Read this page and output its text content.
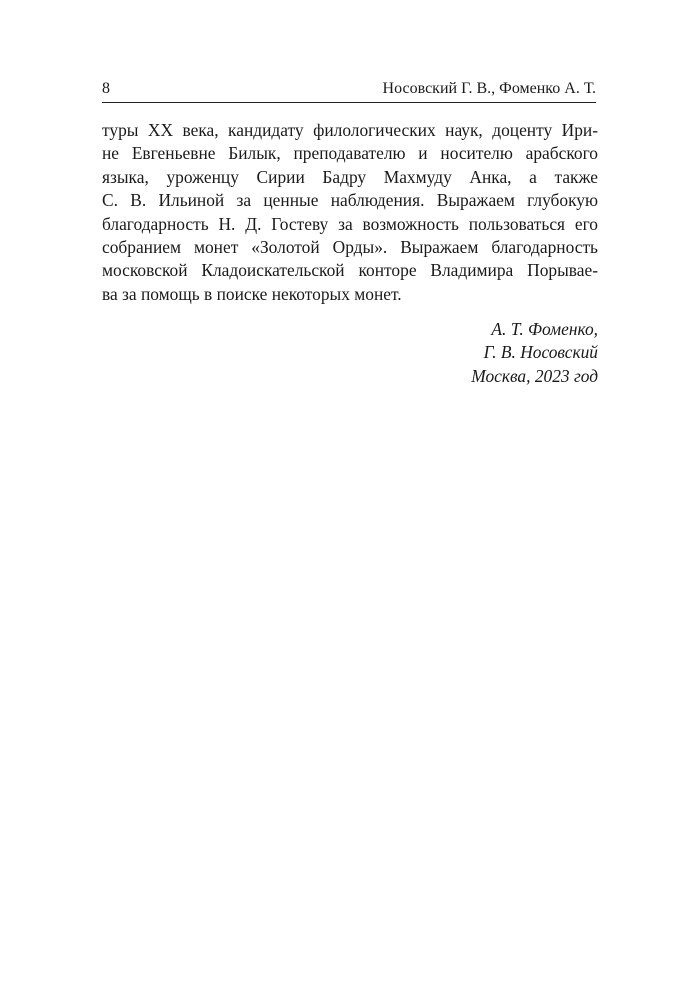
8	Носовский Г. В., Фоменко А. Т.
туры XX века, кандидату филологических наук, доценту Ири-
не Евгеньевне Билык, преподавателю и носителю арабского
языка, уроженцу Сирии Бадру Махмуду Анка, а также
С. В. Ильиной за ценные наблюдения. Выражаем глубокую
благодарность Н. Д. Гостеву за возможность пользоваться его
собранием монет «Золотой Орды». Выражаем благодарность
московской Кладоискательской конторе Владимира Порывае-
ва за помощь в поиске некоторых монет.
А. Т. Фоменко,
Г. В. Носовский
Москва, 2023 год
